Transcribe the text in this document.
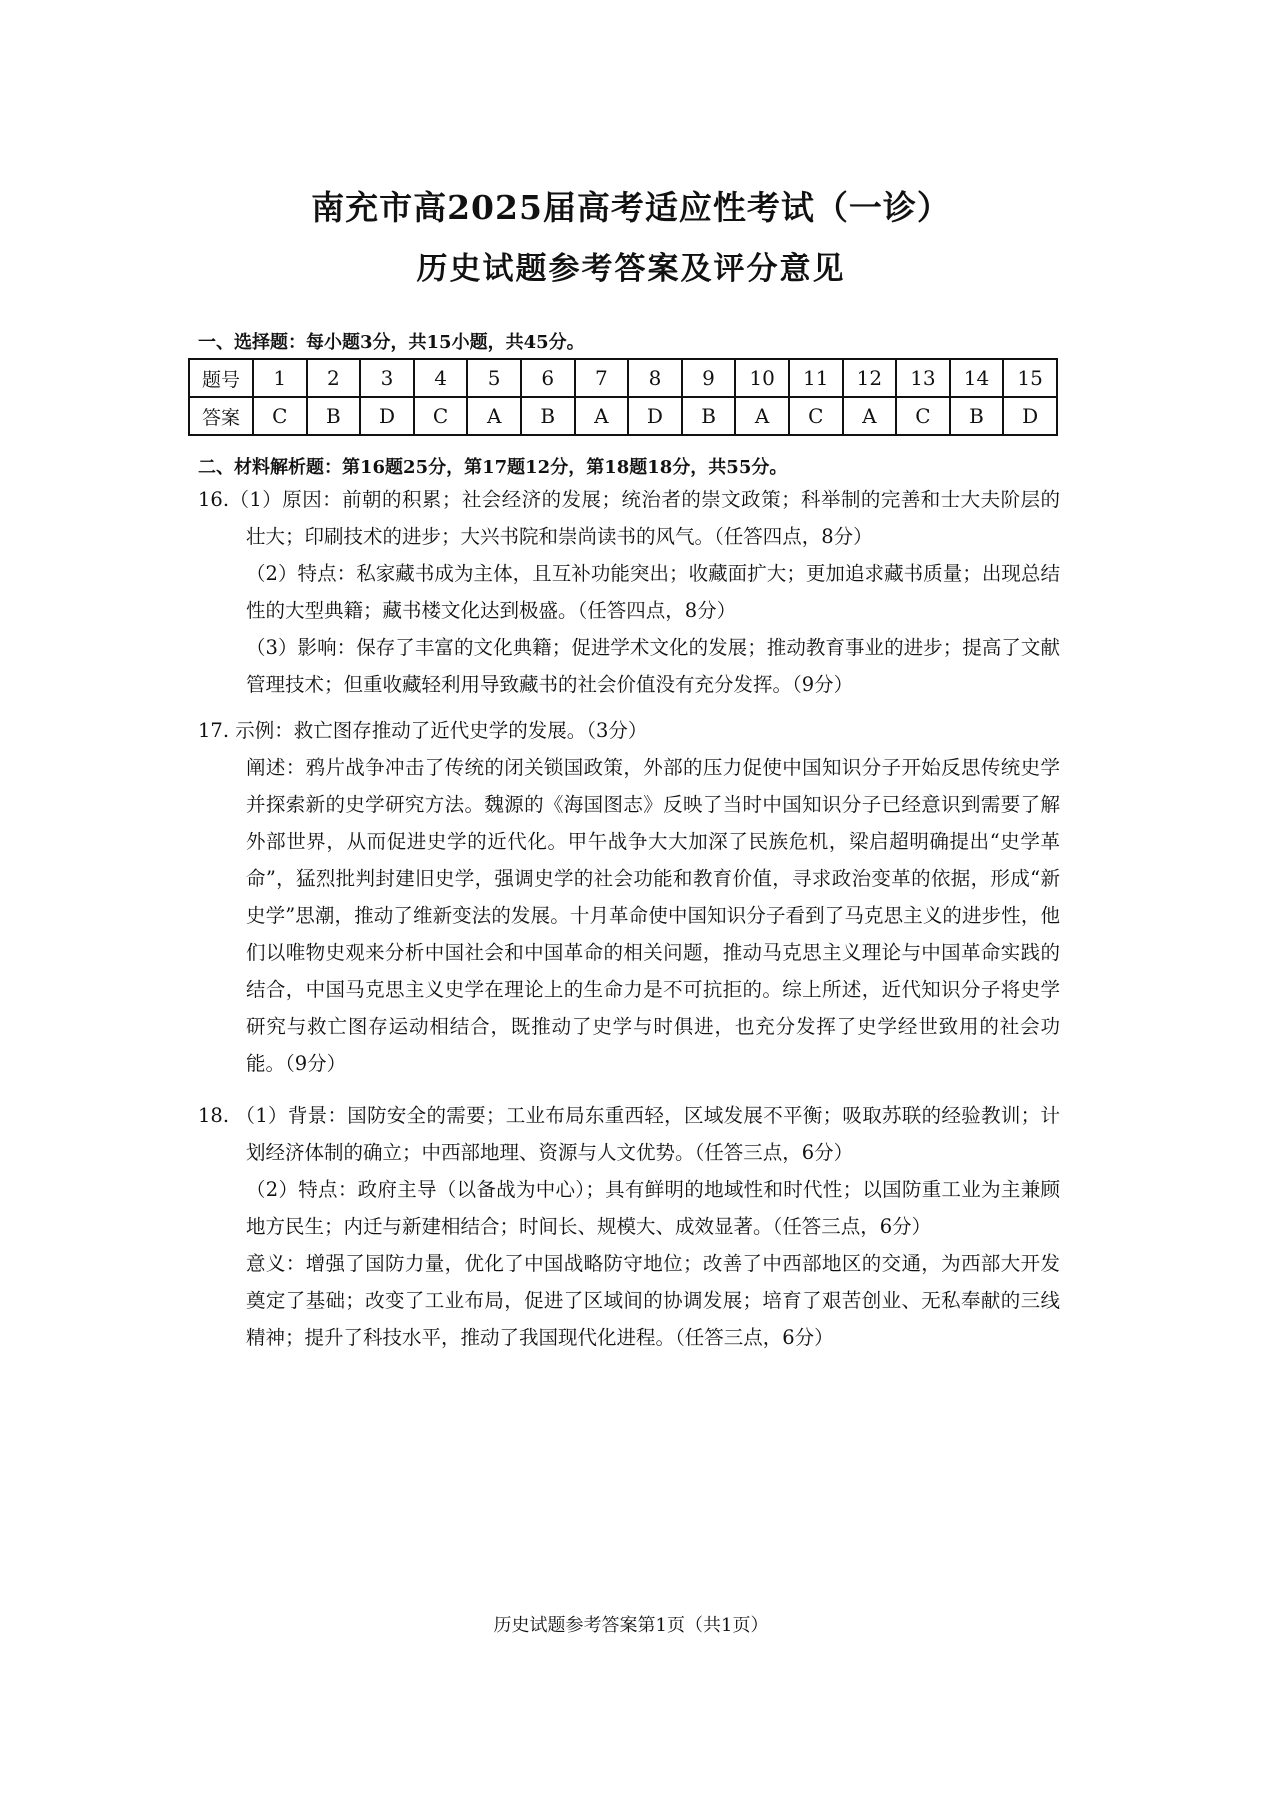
南充市高2025届高考适应性考试（一诊）
历史试题参考答案及评分意见
一、选择题：每小题3分，共15小题，共45分。
题号	1	2	3	4	5	6	7	8	9	10	11	12	13	14	15
答案	C	B	D	C	A	B	A	D	B	A	C	A	C	B	D
二、材料解析题：第16题25分，第17题12分，第18题18分，共55分。

16.（1）原因：前朝的积累；社会经济的发展；统治者的崇文政策；科举制的完善和士大夫阶层的壮大；印刷技术的进步；大兴书院和崇尚读书的风气。（任答四点，8分）

（2）特点：私家藏书成为主体，且互补功能突出；收藏面扩大；更加追求藏书质量；出现总结性的大型典籍；藏书楼文化达到极盛。（任答四点，8分）

（3）影响：保存了丰富的文化典籍；促进学术文化的发展；推动教育事业的进步；提高了文献管理技术；但重收藏轻利用导致藏书的社会价值没有充分发挥。（9分）

17. 示例：救亡图存推动了近代史学的发展。（3分）

阐述：鸦片战争冲击了传统的闭关锁国政策，外部的压力促使中国知识分子开始反思传统史学并探索新的史学研究方法。魏源的《海国图志》反映了当时中国知识分子已经意识到需要了解外部世界，从而促进史学的近代化。甲午战争大大加深了民族危机，梁启超明确提出“史学革命”，猛烈批判封建旧史学，强调史学的社会功能和教育价值，寻求政治变革的依据，形成“新史学”思潮，推动了维新变法的发展。十月革命使中国知识分子看到了马克思主义的进步性，他们以唯物史观来分析中国社会和中国革命的相关问题，推动马克思主义理论与中国革命实践的结合，中国马克思主义史学在理论上的生命力是不可抗拒的。综上所述，近代知识分子将史学研究与救亡图存运动相结合，既推动了史学与时俱进，也充分发挥了史学经世致用的社会功能。（9分）

18. （1）背景：国防安全的需要；工业布局东重西轻，区域发展不平衡；吸取苏联的经验教训；计划经济体制的确立；中西部地理、资源与人文优势。（任答三点，6分）

（2）特点：政府主导（以备战为中心）；具有鲜明的地域性和时代性；以国防重工业为主兼顾地方民生；内迁与新建相结合；时间长、规模大、成效显著。（任答三点，6分）

意义：增强了国防力量，优化了中国战略防守地位；改善了中西部地区的交通，为西部大开发奠定了基础；改变了工业布局，促进了区域间的协调发展；培育了艰苦创业、无私奉献的三线精神；提升了科技水平，推动了我国现代化进程。（任答三点，6分）

历史试题参考答案第1页（共1页）
